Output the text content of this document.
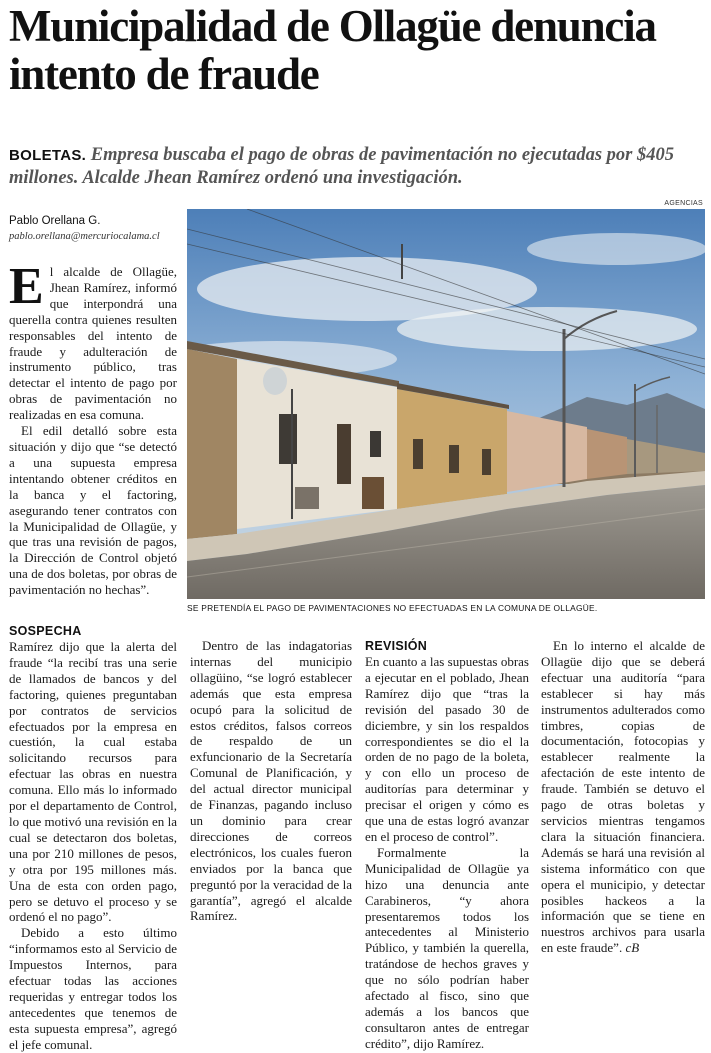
Municipalidad de Ollagüe denuncia intento de fraude
BOLETAS. Empresa buscaba el pago de obras de pavimentación no ejecutadas por $405 millones. Alcalde Jhean Ramírez ordenó una investigación.
AGENCIAS
Pablo Orellana G.
pablo.orellana@mercuriocalama.cl
SE PRETENDÍA EL PAGO DE PAVIMENTACIONES NO EFECTUADAS EN LA COMUNA DE OLLAGÜE.

El alcalde de Ollagüe, Jhean Ramírez, informó que interpondrá una querella contra quienes resulten responsables del intento de fraude y adulteración de instrumento público, tras detectar el intento de pago por obras de pavimentación no realizadas en esa comuna.

El edil detalló sobre esta situación y dijo que “se detectó a una supuesta empresa intentando obtener créditos en la banca y el factoring, asegurando tener contratos con la Municipalidad de Ollagüe, y que tras una revisión de pagos, la Dirección de Control objetó una de dos boletas, por obras de pavimentación no hechas”.

SOSPECHA

Ramírez dijo que la alerta del fraude “la recibí tras una serie de llamados de bancos y del factoring, quienes preguntaban por contratos de servicios efectuados por la empresa en cuestión, la cual estaba solicitando recursos para efectuar las obras en nuestra comuna. Ello más lo informado por el departamento de Control, lo que motivó una revisión en la cual se detectaron dos boletas, una por 210 millones de pesos, y otra por 195 millones más. Una de esta con orden pago, pero se detuvo el proceso y se ordenó el no pago”.

Debido a esto último “informamos esto al Servicio de Impuestos Internos, para efectuar todas las acciones requeridas y entregar todos los antecedentes que tenemos de esta supuesta empresa”, agregó el jefe comunal.

Dentro de las indagatorias internas del municipio ollagüino, “se logró establecer además que esta empresa ocupó para la solicitud de estos créditos, falsos correos de respaldo de un exfuncionario de la Secretaría Comunal de Planificación, y del actual director municipal de Finanzas, pagando incluso un dominio para crear direcciones de correos electrónicos, los cuales fueron enviados por la banca que preguntó por la veracidad de la garantía”, agregó el alcalde Ramírez.

REVISIÓN

En cuanto a las supuestas obras a ejecutar en el poblado, Jhean Ramírez dijo que “tras la revisión del pasado 30 de diciembre, y sin los respaldos correspondientes se dio el la orden de no pago de la boleta, y con ello un proceso de auditorías para determinar y precisar el origen y cómo es que una de estas logró avanzar en el proceso de control”.

Formalmente la Municipalidad de Ollagüe ya hizo una denuncia ante Carabineros, “y ahora presentaremos todos los antecedentes al Ministerio Público, y también la querella, tratándose de hechos graves y que no sólo podrían haber afectado al fisco, sino que además a los bancos que consultaron antes de entregar crédito”, dijo Ramírez.

En lo interno el alcalde de Ollagüe dijo que se deberá efectuar una auditoría “para establecer si hay más instrumentos adulterados como timbres, copias de documentación, fotocopias y establecer realmente la afectación de este intento de fraude. También se detuvo el pago de otras boletas y servicios mientras tengamos clara la situación financiera. Además se hará una revisión al sistema informático con que opera el municipio, y detectar posibles hackeos a la información que se tiene en nuestros archivos para usarla en este fraude”. cB
